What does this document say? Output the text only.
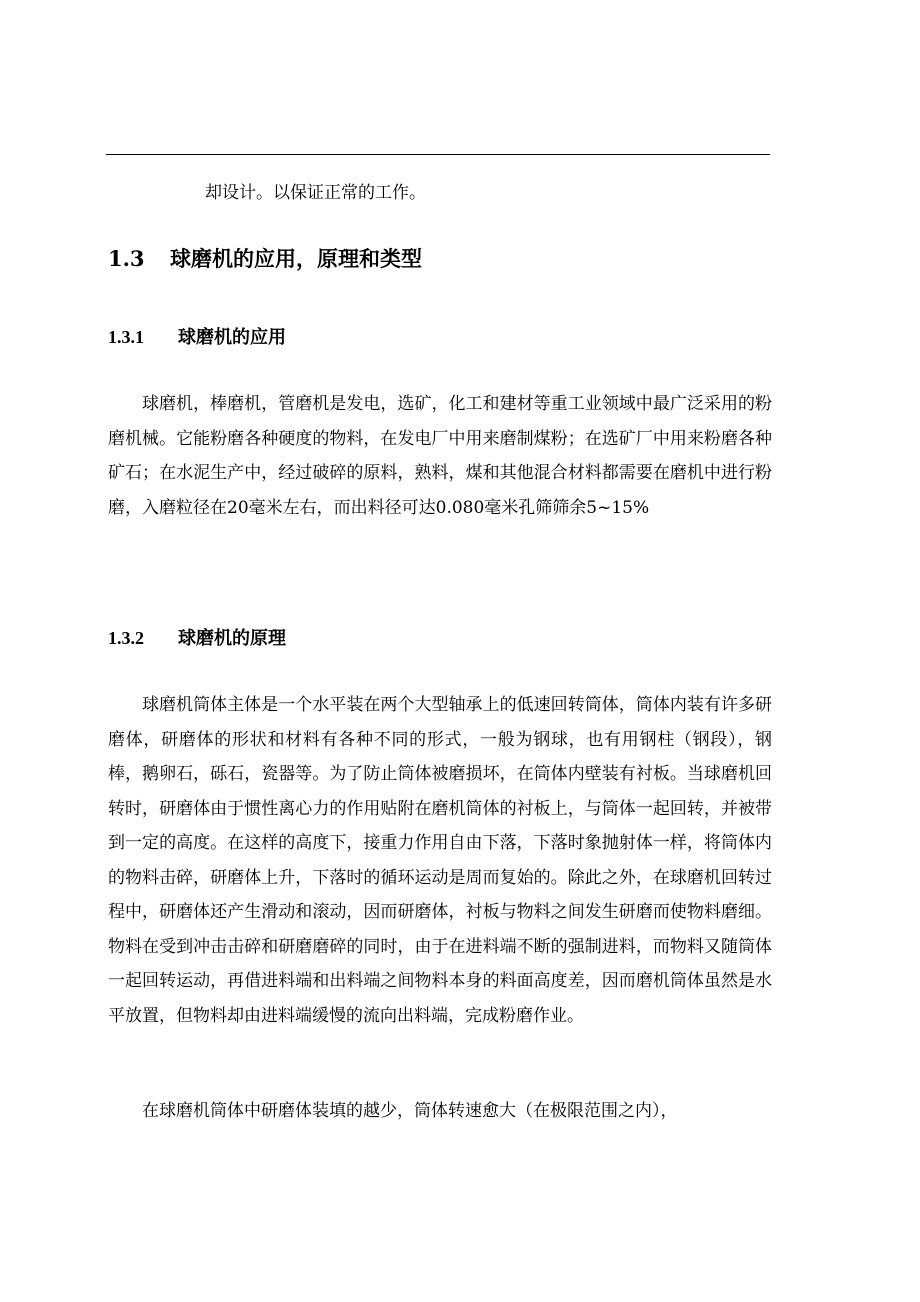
却设计。以保证正常的工作。
1.3 球磨机的应用，原理和类型
1.3.1 球磨机的应用

球磨机，棒磨机，管磨机是发电，选矿，化工和建材等重工业领域中最广泛采用的粉磨机械。它能粉磨各种硬度的物料，在发电厂中用来磨制煤粉；在选矿厂中用来粉磨各种矿石；在水泥生产中，经过破碎的原料，熟料，煤和其他混合材料都需要在磨机中进行粉磨，入磨粒径在20毫米左右，而出料径可达0.080毫米孔筛筛余5~15%

1.3.2 球磨机的原理

球磨机筒体主体是一个水平装在两个大型轴承上的低速回转筒体，筒体内装有许多研磨体，研磨体的形状和材料有各种不同的形式，一般为钢球，也有用钢柱（钢段），钢棒，鹅卵石，砾石，瓷器等。为了防止筒体被磨损坏，在筒体内壁装有衬板。当球磨机回转时，研磨体由于惯性离心力的作用贴附在磨机筒体的衬板上，与筒体一起回转，并被带到一定的高度。在这样的高度下，接重力作用自由下落，下落时象抛射体一样，将筒体内的物料击碎，研磨体上升，下落时的循环运动是周而复始的。除此之外，在球磨机回转过程中，研磨体还产生滑动和滚动，因而研磨体，衬板与物料之间发生研磨而使物料磨细。物料在受到冲击击碎和研磨磨碎的同时，由于在进料端不断的强制进料，而物料又随筒体一起回转运动，再借进料端和出料端之间物料本身的料面高度差，因而磨机筒体虽然是水平放置，但物料却由进料端缓慢的流向出料端，完成粉磨作业。

在球磨机筒体中研磨体装填的越少，筒体转速愈大（在极限范围之内），
